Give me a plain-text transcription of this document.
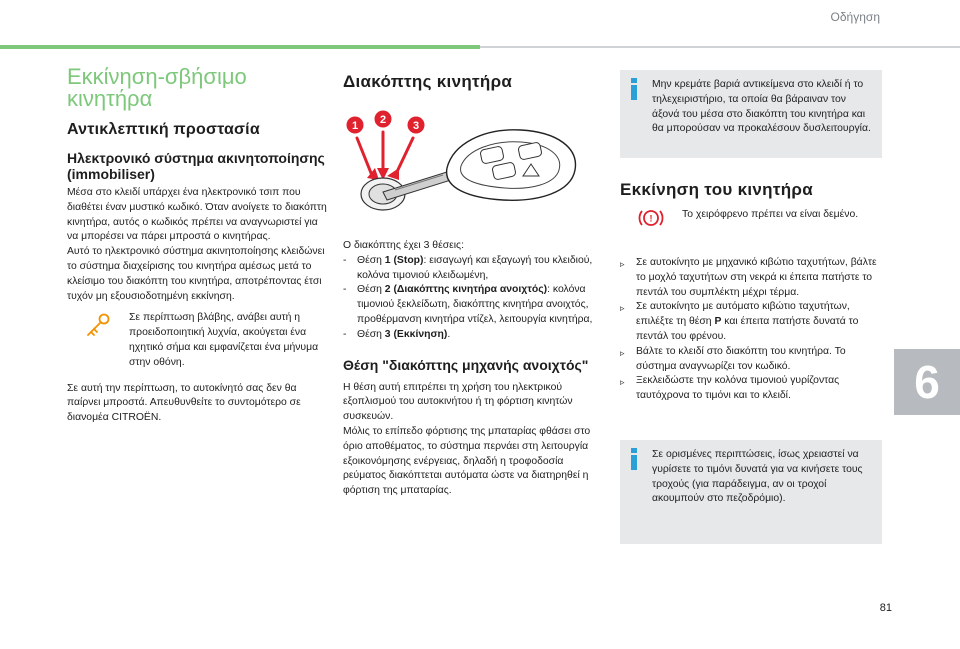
Οδήγηση
6
81
Εκκίνηση-σβήσιμο κινητήρα
Αντικλεπτική προστασία
Ηλεκτρονικό σύστημα ακινητοποίησης (immobiliser)

Μέσα στο κλειδί υπάρχει ένα ηλεκτρονικό τσιπ που διαθέτει έναν μυστικό κωδικό. Όταν ανοίγετε το διακόπτη κινητήρα, αυτός ο κωδικός πρέπει να αναγνωριστεί για να μπορέσει να πάρει μπροστά ο κινητήρας.

Αυτό το ηλεκτρονικό σύστημα ακινητοποίησης κλειδώνει το σύστημα διαχείρισης του κινητήρα αμέσως μετά το κλείσιμο του διακόπτη του κινητήρα, αποτρέποντας έτσι τυχόν μη εξουσιοδοτημένη εκκίνηση.

Σε περίπτωση βλάβης, ανάβει αυτή η προειδοποιητική λυχνία, ακούγεται ένα ηχητικό σήμα και εμφανίζεται ένα μήνυμα στην οθόνη.

Σε αυτή την περίπτωση, το αυτοκίνητό σας δεν θα παίρνει μπροστά. Απευθυνθείτε το συντομότερο σε διανομέα CITROËN.

Διακόπτης κινητήρα
1 2 3

Ο διακόπτης έχει 3 θέσεις:

-	Θέση 1 (Stop): εισαγωγή και εξαγωγή του κλειδιού, κολόνα τιμονιού κλειδωμένη,
-	Θέση 2 (Διακόπτης κινητήρα ανοιχτός): κολόνα τιμονιού ξεκλείδωτη, διακόπτης κινητήρα ανοιχτός, προθέρμανση κινητήρα ντίζελ, λειτουργία κινητήρα,
-	Θέση 3 (Εκκίνηση).
Θέση "διακόπτης μηχανής ανοιχτός"

Η θέση αυτή επιτρέπει τη χρήση του ηλεκτρικού εξοπλισμού του αυτοκινήτου ή τη φόρτιση κινητών συσκευών.

Μόλις το επίπεδο φόρτισης της μπαταρίας φθάσει στο όριο αποθέματος, το σύστημα περνάει στη λειτουργία εξοικονόμησης ενέργειας, δηλαδή η τροφοδοσία ρεύματος διακόπτεται αυτόματα ώστε να διατηρηθεί η φόρτιση της μπαταρίας.

Μην κρεμάτε βαριά αντικείμενα στο κλειδί ή το τηλεχειριστήριο, τα οποία θα βάραιναν τον άξονά του μέσα στο διακόπτη του κινητήρα και θα μπορούσαν να προκαλέσουν δυσλειτουργία.
Εκκίνηση του κινητήρα
!	Το χειρόφρενο πρέπει να είναι δεμένο.
▹	Σε αυτοκίνητο με μηχανικό κιβώτιο ταχυτήτων, βάλτε το μοχλό ταχυτήτων στη νεκρά κι έπειτα πατήστε το πεντάλ του συμπλέκτη μέχρι τέρμα.
▹	Σε αυτοκίνητο με αυτόματο κιβώτιο ταχυτήτων, επιλέξτε τη θέση P και έπειτα πατήστε δυνατά το πεντάλ του φρένου.
▹	Βάλτε το κλειδί στο διακόπτη του κινητήρα. Το σύστημα αναγνωρίζει τον κωδικό.
▹	Ξεκλειδώστε την κολόνα τιμονιού γυρίζοντας ταυτόχρονα το τιμόνι και το κλειδί.
Σε ορισμένες περιπτώσεις, ίσως χρειαστεί να γυρίσετε το τιμόνι δυνατά για να κινήσετε τους τροχούς (για παράδειγμα, αν οι τροχοί ακουμπούν στο πεζοδρόμιο).
